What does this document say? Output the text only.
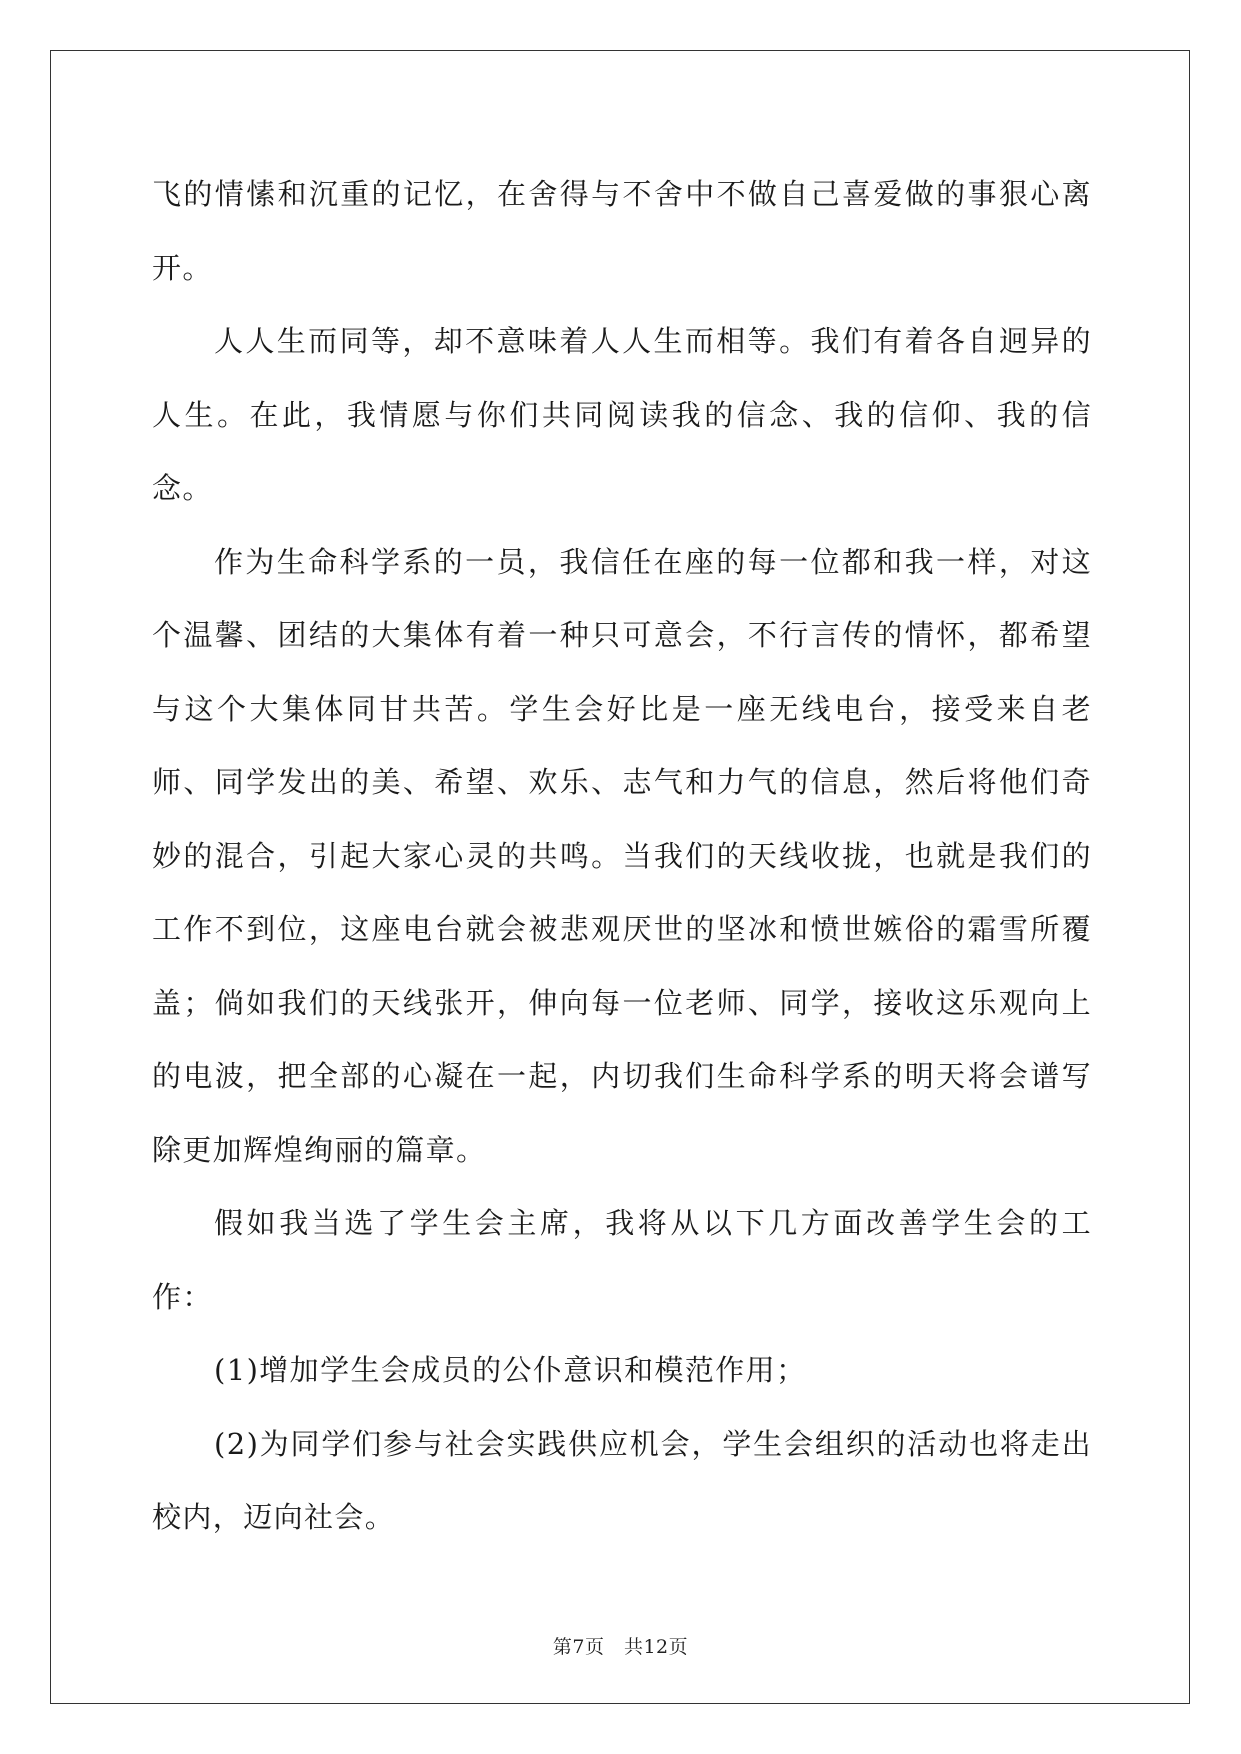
飞的情愫和沉重的记忆，在舍得与不舍中不做自己喜爱做的事狠心离开。

人人生而同等，却不意味着人人生而相等。我们有着各自迥异的人生。在此，我情愿与你们共同阅读我的信念、我的信仰、我的信念。

作为生命科学系的一员，我信任在座的每一位都和我一样，对这个温馨、团结的大集体有着一种只可意会，不行言传的情怀，都希望与这个大集体同甘共苦。学生会好比是一座无线电台，接受来自老师、同学发出的美、希望、欢乐、志气和力气的信息，然后将他们奇妙的混合，引起大家心灵的共鸣。当我们的天线收拢，也就是我们的工作不到位，这座电台就会被悲观厌世的坚冰和愤世嫉俗的霜雪所覆盖；倘如我们的天线张开，伸向每一位老师、同学，接收这乐观向上的电波，把全部的心凝在一起，内切我们生命科学系的明天将会谱写除更加辉煌绚丽的篇章。

假如我当选了学生会主席，我将从以下几方面改善学生会的工作：

(1)增加学生会成员的公仆意识和模范作用；

(2)为同学们参与社会实践供应机会，学生会组织的活动也将走出校内，迈向社会。

第7页　共12页
